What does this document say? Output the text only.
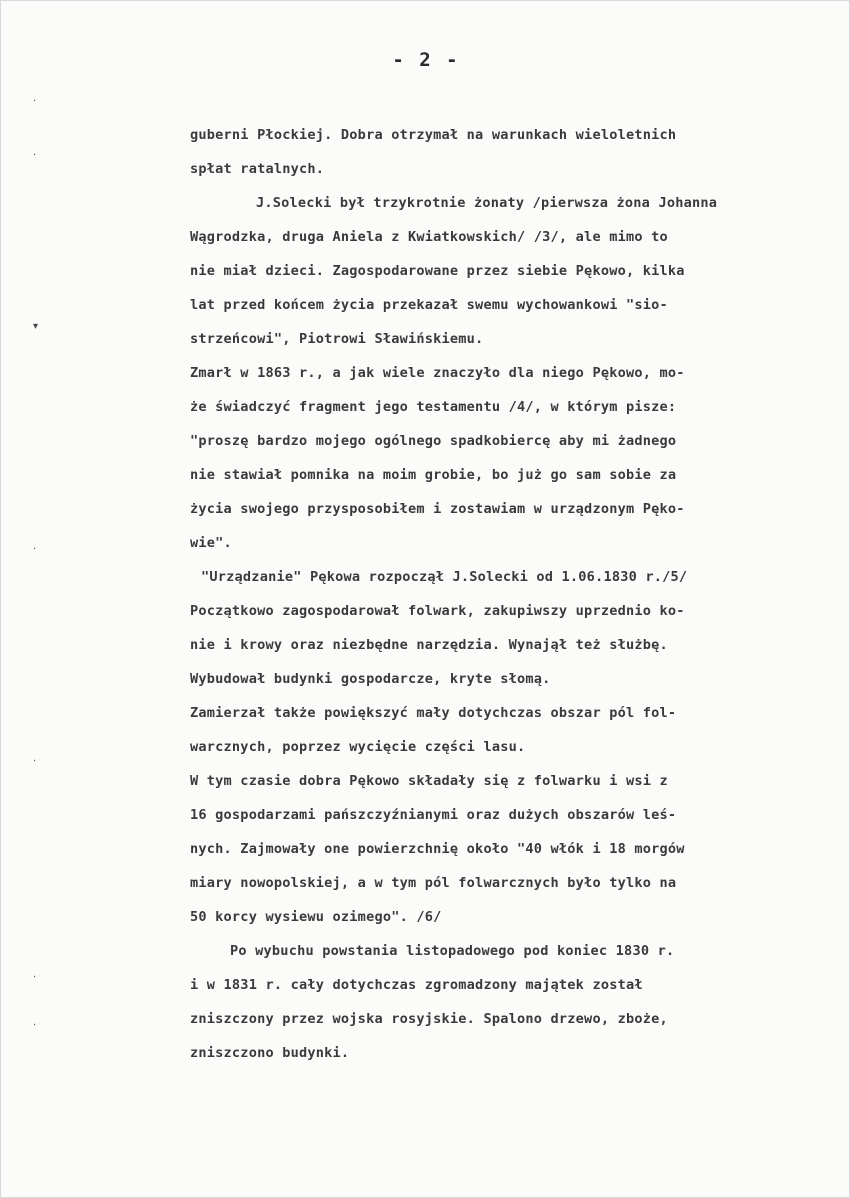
- 2 -
.
.
▾
.
.
.
.
guberni Płockiej. Dobra otrzymał na warunkach wieloletnich
spłat ratalnych.
J.Solecki był trzykrotnie żonaty /pierwsza żona Johanna
Wągrodzka, druga Aniela z Kwiatkowskich/ /3/, ale mimo to
nie miał dzieci. Zagospodarowane przez siebie Pękowo, kilka
lat przed końcem życia przekazał swemu wychowankowi "sio-
strzeńcowi", Piotrowi Sławińskiemu.
Zmarł w 1863 r., a jak wiele znaczyło dla niego Pękowo, mo-
że świadczyć fragment jego testamentu /4/, w którym pisze:
"proszę bardzo mojego ogólnego spadkobiercę aby mi żadnego
nie stawiał pomnika na moim grobie, bo już go sam sobie za
życia swojego przysposobiłem i zostawiam w urządzonym Pęko-
wie".
"Urządzanie" Pękowa rozpoczął J.Solecki od 1.06.1830 r./5/
Początkowo zagospodarował folwark, zakupiwszy uprzednio ko-
nie i krowy oraz niezbędne narzędzia. Wynajął też służbę.
Wybudował budynki gospodarcze, kryte słomą.
Zamierzał także powiększyć mały dotychczas obszar pól fol-
warcznych, poprzez wycięcie części lasu.
W tym czasie dobra Pękowo składały się z folwarku i wsi z
16 gospodarzami pańszczyźnianymi oraz dużych obszarów leś-
nych. Zajmowały one powierzchnię około "40 włók i 18 morgów
miary nowopolskiej, a w tym pól folwarcznych było tylko na
50 korcy wysiewu ozimego". /6/
Po wybuchu powstania listopadowego pod koniec 1830 r.
i w 1831 r. cały dotychczas zgromadzony majątek został
zniszczony przez wojska rosyjskie. Spalono drzewo, zboże,
zniszczono budynki.
